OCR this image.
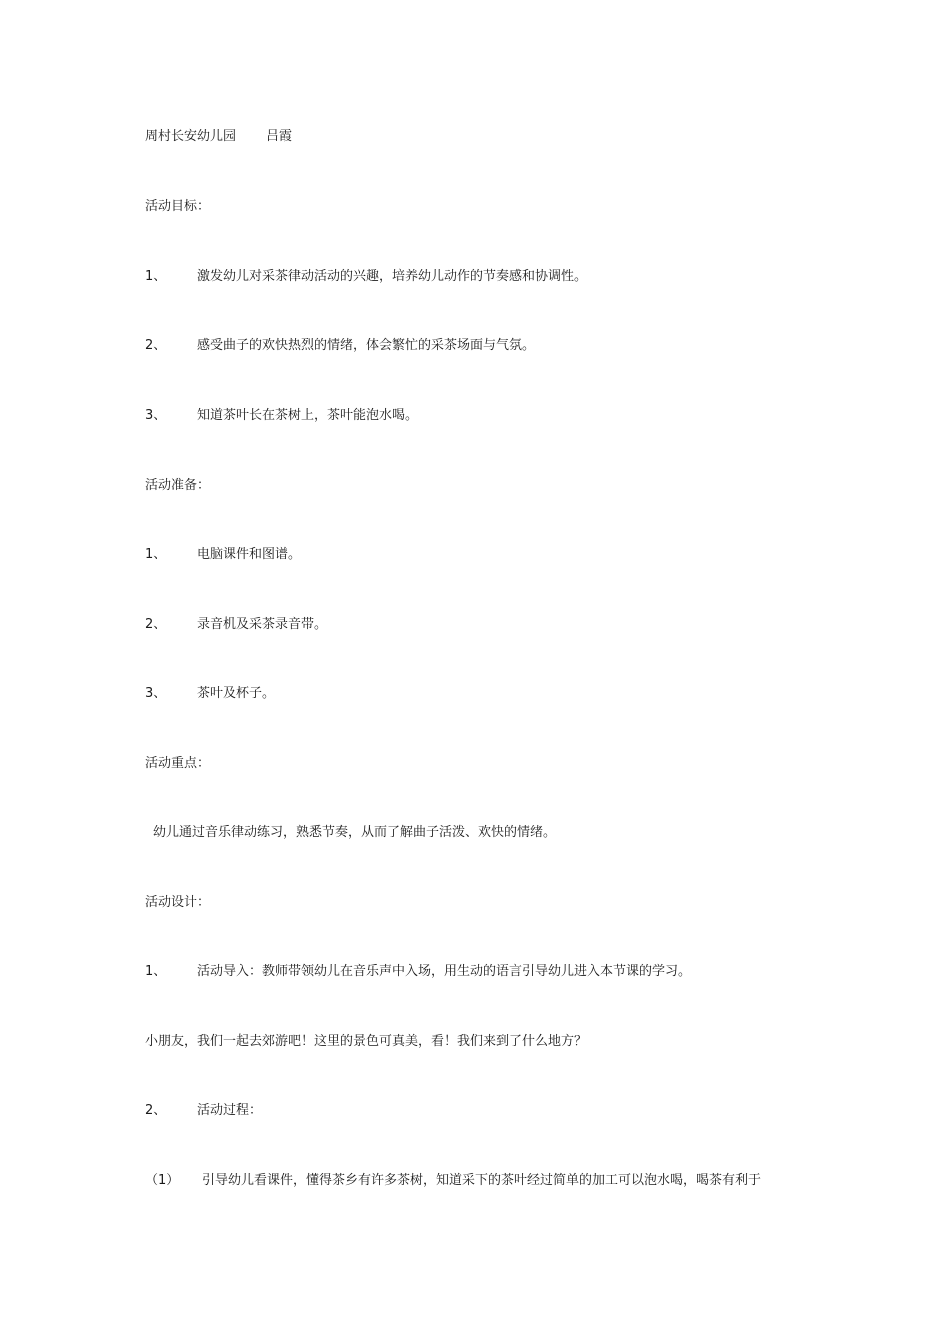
周村长安幼儿园 吕霞
活动目标：
1、 激发幼儿对采茶律动活动的兴趣，培养幼儿动作的节奏感和协调性。
2、 感受曲子的欢快热烈的情绪，体会繁忙的采茶场面与气氛。
3、 知道茶叶长在茶树上，茶叶能泡水喝。
活动准备：
1、 电脑课件和图谱。
2、 录音机及采茶录音带。
3、 茶叶及杯子。
活动重点：
幼儿通过音乐律动练习，熟悉节奏，从而了解曲子活泼、欢快的情绪。
活动设计：
1、 活动导入：教师带领幼儿在音乐声中入场，用生动的语言引导幼儿进入本节课的学习。
小朋友，我们一起去郊游吧！这里的景色可真美，看！我们来到了什么地方？
2、 活动过程：
（1） 引导幼儿看课件，懂得茶乡有许多茶树，知道采下的茶叶经过简单的加工可以泡水喝，喝茶有利于
